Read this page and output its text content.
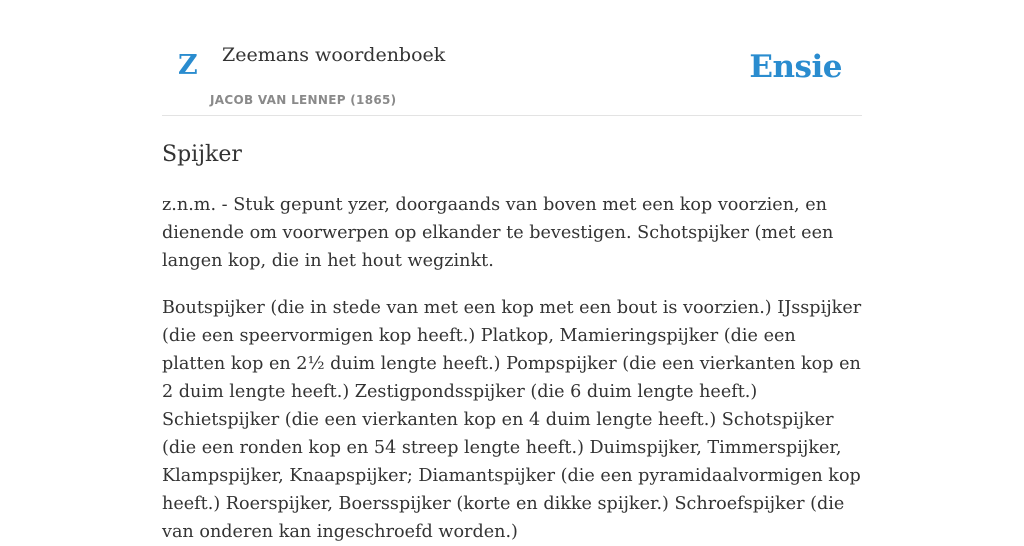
Z Zeemans woordenboek
JACOB VAN LENNEP (1865)
Ensie
Spijker

z.n.m. - Stuk gepunt yzer, doorgaands van boven met een kop voorzien, en dienende om voorwerpen op elkander te bevestigen. Schotspijker (met een langen kop, die in het hout wegzinkt.

Boutspijker (die in stede van met een kop met een bout is voorzien.) IJsspijker (die een speervormigen kop heeft.) Platkop, Mamieringspijker (die een platten kop en 2½ duim lengte heeft.) Pompspijker (die een vierkanten kop en 2 duim lengte heeft.) Zestigpondsspijker (die 6 duim lengte heeft.) Schietspijker (die een vierkanten kop en 4 duim lengte heeft.) Schotspijker (die een ronden kop en 54 streep lengte heeft.) Duimspijker, Timmerspijker, Klampspijker, Knaapspijker; Diamantspijker (die een pyramidaalvormigen kop heeft.) Roerspijker, Boersspijker (korte en dikke spijker.) Schroefspijker (die van onderen kan ingeschroefd worden.)
